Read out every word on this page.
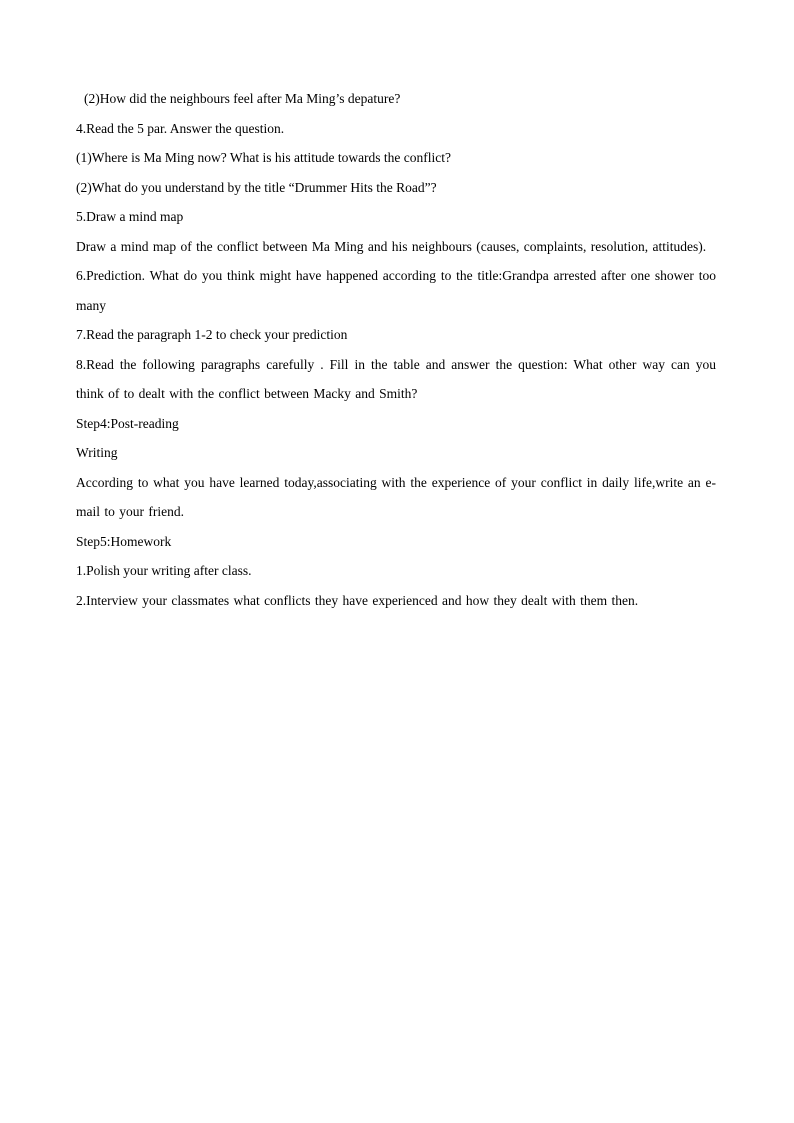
(2)How did the neighbours feel after Ma Ming’s depature?

4.Read the 5 par. Answer the question.

(1)Where is Ma Ming now? What is his attitude towards the conflict?

(2)What do you understand by the title “Drummer Hits the Road”?

5.Draw a mind map

Draw a mind map of the conflict between Ma Ming and his neighbours (causes, complaints, resolution, attitudes).

6.Prediction. What do you think might have happened according to the title:Grandpa arrested after one shower too many

7.Read the paragraph 1-2 to check your prediction

8.Read the following paragraphs carefully . Fill in the table and answer the question: What other way can you think of to dealt with the conflict between Macky and Smith?

Step4:Post-reading

Writing

According to what you have learned today,associating with the experience of your conflict in daily life,write an e-mail to your friend.

Step5:Homework

1.Polish your writing after class.

2.Interview your classmates what conflicts they have experienced and how they dealt with them then.
